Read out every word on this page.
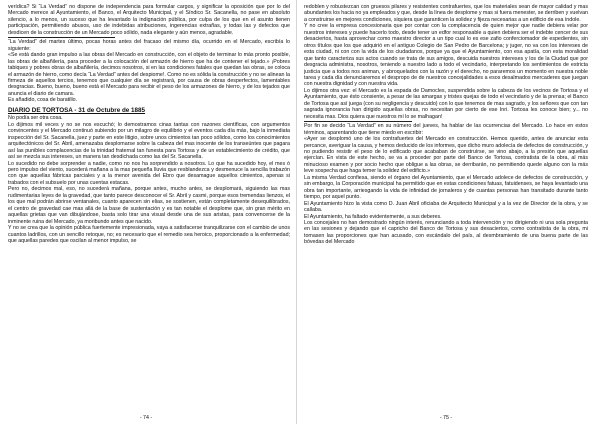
verídica? Si “La Verdad” no dispone de independencia para formular cargos, y significar la oposición que por lo del Mercado merece al Ayuntamiento, el Banco, el Arquitecto Municipal, y el Síndico Sr. Sacanella, no pase en absoluto silencio, a lo menos, un suceso que ha levantado la indignación pública, por culpa de los que en el asunto tienen participación, permitiendo abusos, uso de indebidas atribuciones, ingerencias extrañas, y todas las y defectos que desdicen de la construcción de un Mercado poco sólido, nada elegante y aún menos, agradable.

“La Verdad” del martes último, pocas horas antes del fracaso del mismo día, ocurrido en el Mercado, escribía lo siguiente:

«Se está dando gran impulso a las obras del Mercado en construcción, con el objeto de terminar lo más pronto posible, las obras de albañilería, para proceder a la colocación del armazón de hierro que ha de contener el tejado.» ¡Pobres tabiques y pobres obras de albañilería, decimos nosotros, si en las condiciones fatales que quedan las obras, se coloca el armazón de hierro, como decía “La Verdad” antes del despiome!. Como no es sólida la construcción y no se alinean la firmeza de aquellos tercios, tenemos que cualquier día se registrará, por causa de obras desperfectos, lamentables desgracias. Bueno, bueno, bueno está el Mercado para recibir el peso de los armazones de hierro, y de los tejados que anuncia el diario de camara.

Es añadido, cosa de baratillo.

DIARIO DE TORTOSA - 31 de Octubre de 1885

No podía ser otra cosa.

Lo dijimos mil veces y no se nos escuchó; lo demostramos cinas tantas con razones científicas, con argumentos convincentes y el Mercado continuó subiendo por un milagro de equilibrio y el eventos cada día más, bajo la inmediata inspección del Sr. Sacanella, juez y parte en este litigio, sobre unos cimientos tan poco sólidos, como los conocimientos arquitectónicos del Sr. Abril, amenazaba desplomarse sobre la cabeza del mas inocente de los transeúntes que pagara así las punibles complacencias de la trinidad fraternal tan funesta para Tortosa y de un establecimiento de crédito, que así se mezcla sus intereses, un manera tan desdichada como las del Sr. Sacanella.

Lo sucedido no debe sorprender a nadie, como no nos ha sorprendido a nosotros. Lo que ha sucedido hoy, el mes ó pero impulso del viento, sucederá mañana a la mas pequeña lluvia que resblandezca y desmenuce la sencilla trabazón con que aquellas fábricas parciales y a la menor avenida del Ebro que desamague aquellos cimientos, apenas si trabados con el subsuelo por unas cuentas estacas.

Pero no, decimos mal, eso, no sucederá mañana, porque antes, mucho antes, se desplomará, siguiendo las mas rudimentarias leyes de la gravedad, que tanto parece desconocer el Sr. Abril y casmi, porque esos tremendas lienzos, el los que mal podrán abrirse ventanales, cuanto aparecen sin elias, se sostienen, están completamente desequilibrados, el centro de gravedad cae mas allá de la base de sustentación y es tan notable el desplome que, sin gran mérito en aquellas grietas que van dibujándose, basta solo tirar una visual desde una de sus aristas, para convencerse de la inminente ruina del Mercado, ya moribundo antes que nacido.

Y no se crea que la opinión pública fuertemente impresionada, vaya a satisfacerse tranquilizarse con el cambio de unos cuantos ladrillos, con un sencillo retoque, no; es necesario que el remedio sea heroico, proporcionado a la enfermedad; que aquellas paredes que oscilan al menor impulso, se

- 74 -

redoblen y robustezcan con gruesos pilares y resistentes contrafuertes, que los materiales sean de mayor calidad y mas abundantes los hacia no ya empleados y que, desde la línea de desplome y mas si fuera menester, se derriben y vuelvan a construirse en mejores condiciones, siquiera que garanticen la solidez y fijeza necesarias a un edificio de esa índole.

Y no cree la empresa concesionaria que por contar con la complacencia de quien mejor que nadie debiera velar por nuestros intereses y puede hacerlo todo, desde tener un edfor responsable a quien debiera ser el indebte cencer de sus desaciertos, hasta aprovechar como maestro director a un tipo cual lo es ese zafio conferciomador de espedientes, sin otros títulos que los que adquirió en el antiguo Colegio de San Pedro de Barcelona; y juger, no va con los intereses de esta ciudad, ni con con la vida de los ciudadanos, porque ya que el Ayuntamiento, con esa apatía, con esta moralidad que tanto caracteriza sus actos cuando se trata de sus amigos, descuida nuestros intereses y los de la Ciudad que por desgracia administra, nosotros, teniendo a nuestro lado a todo el vecindario, interpretando los sentimientos de estricta justicia que a todos nos animan, y abroquelados con la razón y el derecho, no pararemos un momento en nuestra noble tarea y cada día denunciaremos el despropo de de nuestros concejalidades a esos desalmados mercaderes que juegan con nuestra dignidad y con nuestra vida.

Lo dijimos otra vez: el Mercado es la espada de Damocles, suspendida sobre la cabeza de los vecinos de Tortosa y el Ayuntamiento, que ésto consiente, a pesar de las amargas y tristes quejas de todo el vecindario y de la prensa; el Banco de Tortosa que así juega (con su negligencia y descuido) con lo que tenemos de mas sagrado, y los señores que con tan sagrada ignorancia han dirigido aquellas obras, no necesitan por cierto de ese Inri. Tortosa les conoce bien; y... no necesita mas. Dios quiera que nuestros mí lo se malhagan!

Por fin se decido “La Verdad” en su número del jueves, ha hablar de las ocurrencias del Mercado. Lo hace en estos términos, aparentando que tiene miedo en escribir:

«Ayer se desplomó uno de los contrafuertes del Mercado en construcción. Hemos querido, antes de anunciar esta percance, averiguar la causa, y hemos deducido de los informes, que dicho muro adolecía de defectos de construcción, y no pudiendo resistir el peso de lo edificado que acababan de construírse, se vino abajo, a la presión que aquellas ejercían. En vista de este hecho, se va a proceder por parte del Banco de Tortosa, contratista de la obra, al más minucioso examen y por socio hecho que obligue a las obras, se derribarán, no permitiendo quede alguno con la más leve sospecha que haga temer la solidez del edificio.»

La misma Verdad confiesa, siendo el órgano del Ayuntamiento, que el Mercado adolece de defectos de construcción, y sin embargo, la Corporación municipal ha permitido que en estas condiciones fatuas, fatuidenses, se haya levantado una obra tan importante, arriesgando la vida de infinidad de jornaleros y de cuantas personas han transitado durante tanto tiempo, por aquel punto.

El Ayuntamiento hizo la vista como D. Juan Abril oficiaba de Arquitecto Municipal y a la vez de Director de la obra, y se callaba.

El Ayuntamiento, ha faltado evidentemente, a sus deberes.

Los concejales no han demostrado ningún interés, renunciando a toda intervención y no dirigiendo ni una sola pregunta en las sesiones y dejando que el capricho del Banco de Tortosa y sus desaciertos, como contratista de la obra, mi tomasen las proporciones que han acusado, con escándalo del país, al desmbramiento de una buena parte de las bóvedas del Mercado

- 75 -
